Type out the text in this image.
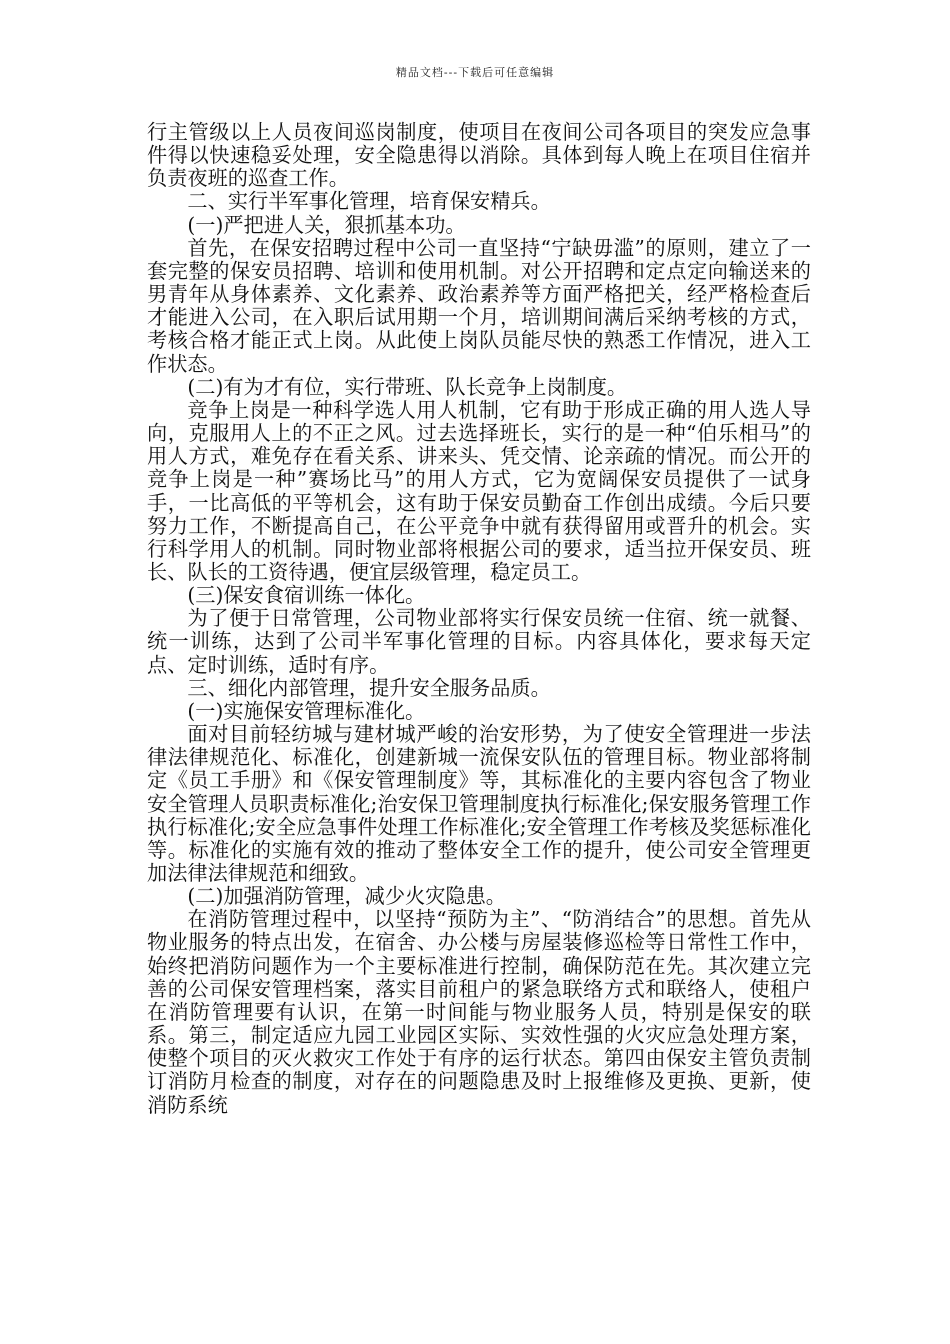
精品文档---下载后可任意编辑

行主管级以上人员夜间巡岗制度，使项目在夜间公司各项目的突发应急事件得以快速稳妥处理，安全隐患得以消除。具体到每人晚上在项目住宿并负责夜班的巡查工作。

二、实行半军事化管理，培育保安精兵。

(一)严把进人关，狠抓基本功。

首先，在保安招聘过程中公司一直坚持“宁缺毋滥”的原则，建立了一套完整的保安员招聘、培训和使用机制。对公开招聘和定点定向输送来的男青年从身体素养、文化素养、政治素养等方面严格把关，经严格检查后才能进入公司，在入职后试用期一个月，培训期间满后采纳考核的方式，考核合格才能正式上岗。从此使上岗队员能尽快的熟悉工作情况，进入工作状态。

(二)有为才有位，实行带班、队长竞争上岗制度。

竞争上岗是一种科学选人用人机制，它有助于形成正确的用人选人导向，克服用人上的不正之风。过去选择班长，实行的是一种“伯乐相马”的用人方式，难免存在看关系、讲来头、凭交情、论亲疏的情况。而公开的竞争上岗是一种”赛场比马”的用人方式，它为宽阔保安员提供了一试身手，一比高低的平等机会，这有助于保安员勤奋工作创出成绩。今后只要努力工作，不断提高自己，在公平竞争中就有获得留用或晋升的机会。实行科学用人的机制。同时物业部将根据公司的要求，适当拉开保安员、班长、队长的工资待遇，便宜层级管理，稳定员工。

(三)保安食宿训练一体化。

为了便于日常管理，公司物业部将实行保安员统一住宿、统一就餐、统一训练，达到了公司半军事化管理的目标。内容具体化，要求每天定点、定时训练，适时有序。

三、细化内部管理，提升安全服务品质。

(一)实施保安管理标准化。

面对目前轻纺城与建材城严峻的治安形势，为了使安全管理进一步法律法律规范化、标准化，创建新城一流保安队伍的管理目标。物业部将制定《员工手册》和《保安管理制度》等，其标准化的主要内容包含了物业安全管理人员职责标准化;治安保卫管理制度执行标准化;保安服务管理工作执行标准化;安全应急事件处理工作标准化;安全管理工作考核及奖惩标准化等。标准化的实施有效的推动了整体安全工作的提升，使公司安全管理更加法律法律规范和细致。

(二)加强消防管理，减少火灾隐患。

在消防管理过程中，以坚持“预防为主”、“防消结合”的思想。首先从物业服务的特点出发，在宿舍、办公楼与房屋装修巡检等日常性工作中，始终把消防问题作为一个主要标准进行控制，确保防范在先。其次建立完善的公司保安管理档案，落实目前租户的紧急联络方式和联络人，使租户在消防管理要有认识，在第一时间能与物业服务人员，特别是保安的联系。第三，制定适应九园工业园区实际、实效性强的火灾应急处理方案，使整个项目的灭火救灾工作处于有序的运行状态。第四由保安主管负责制订消防月检查的制度，对存在的问题隐患及时上报维修及更换、更新，使消防系统
